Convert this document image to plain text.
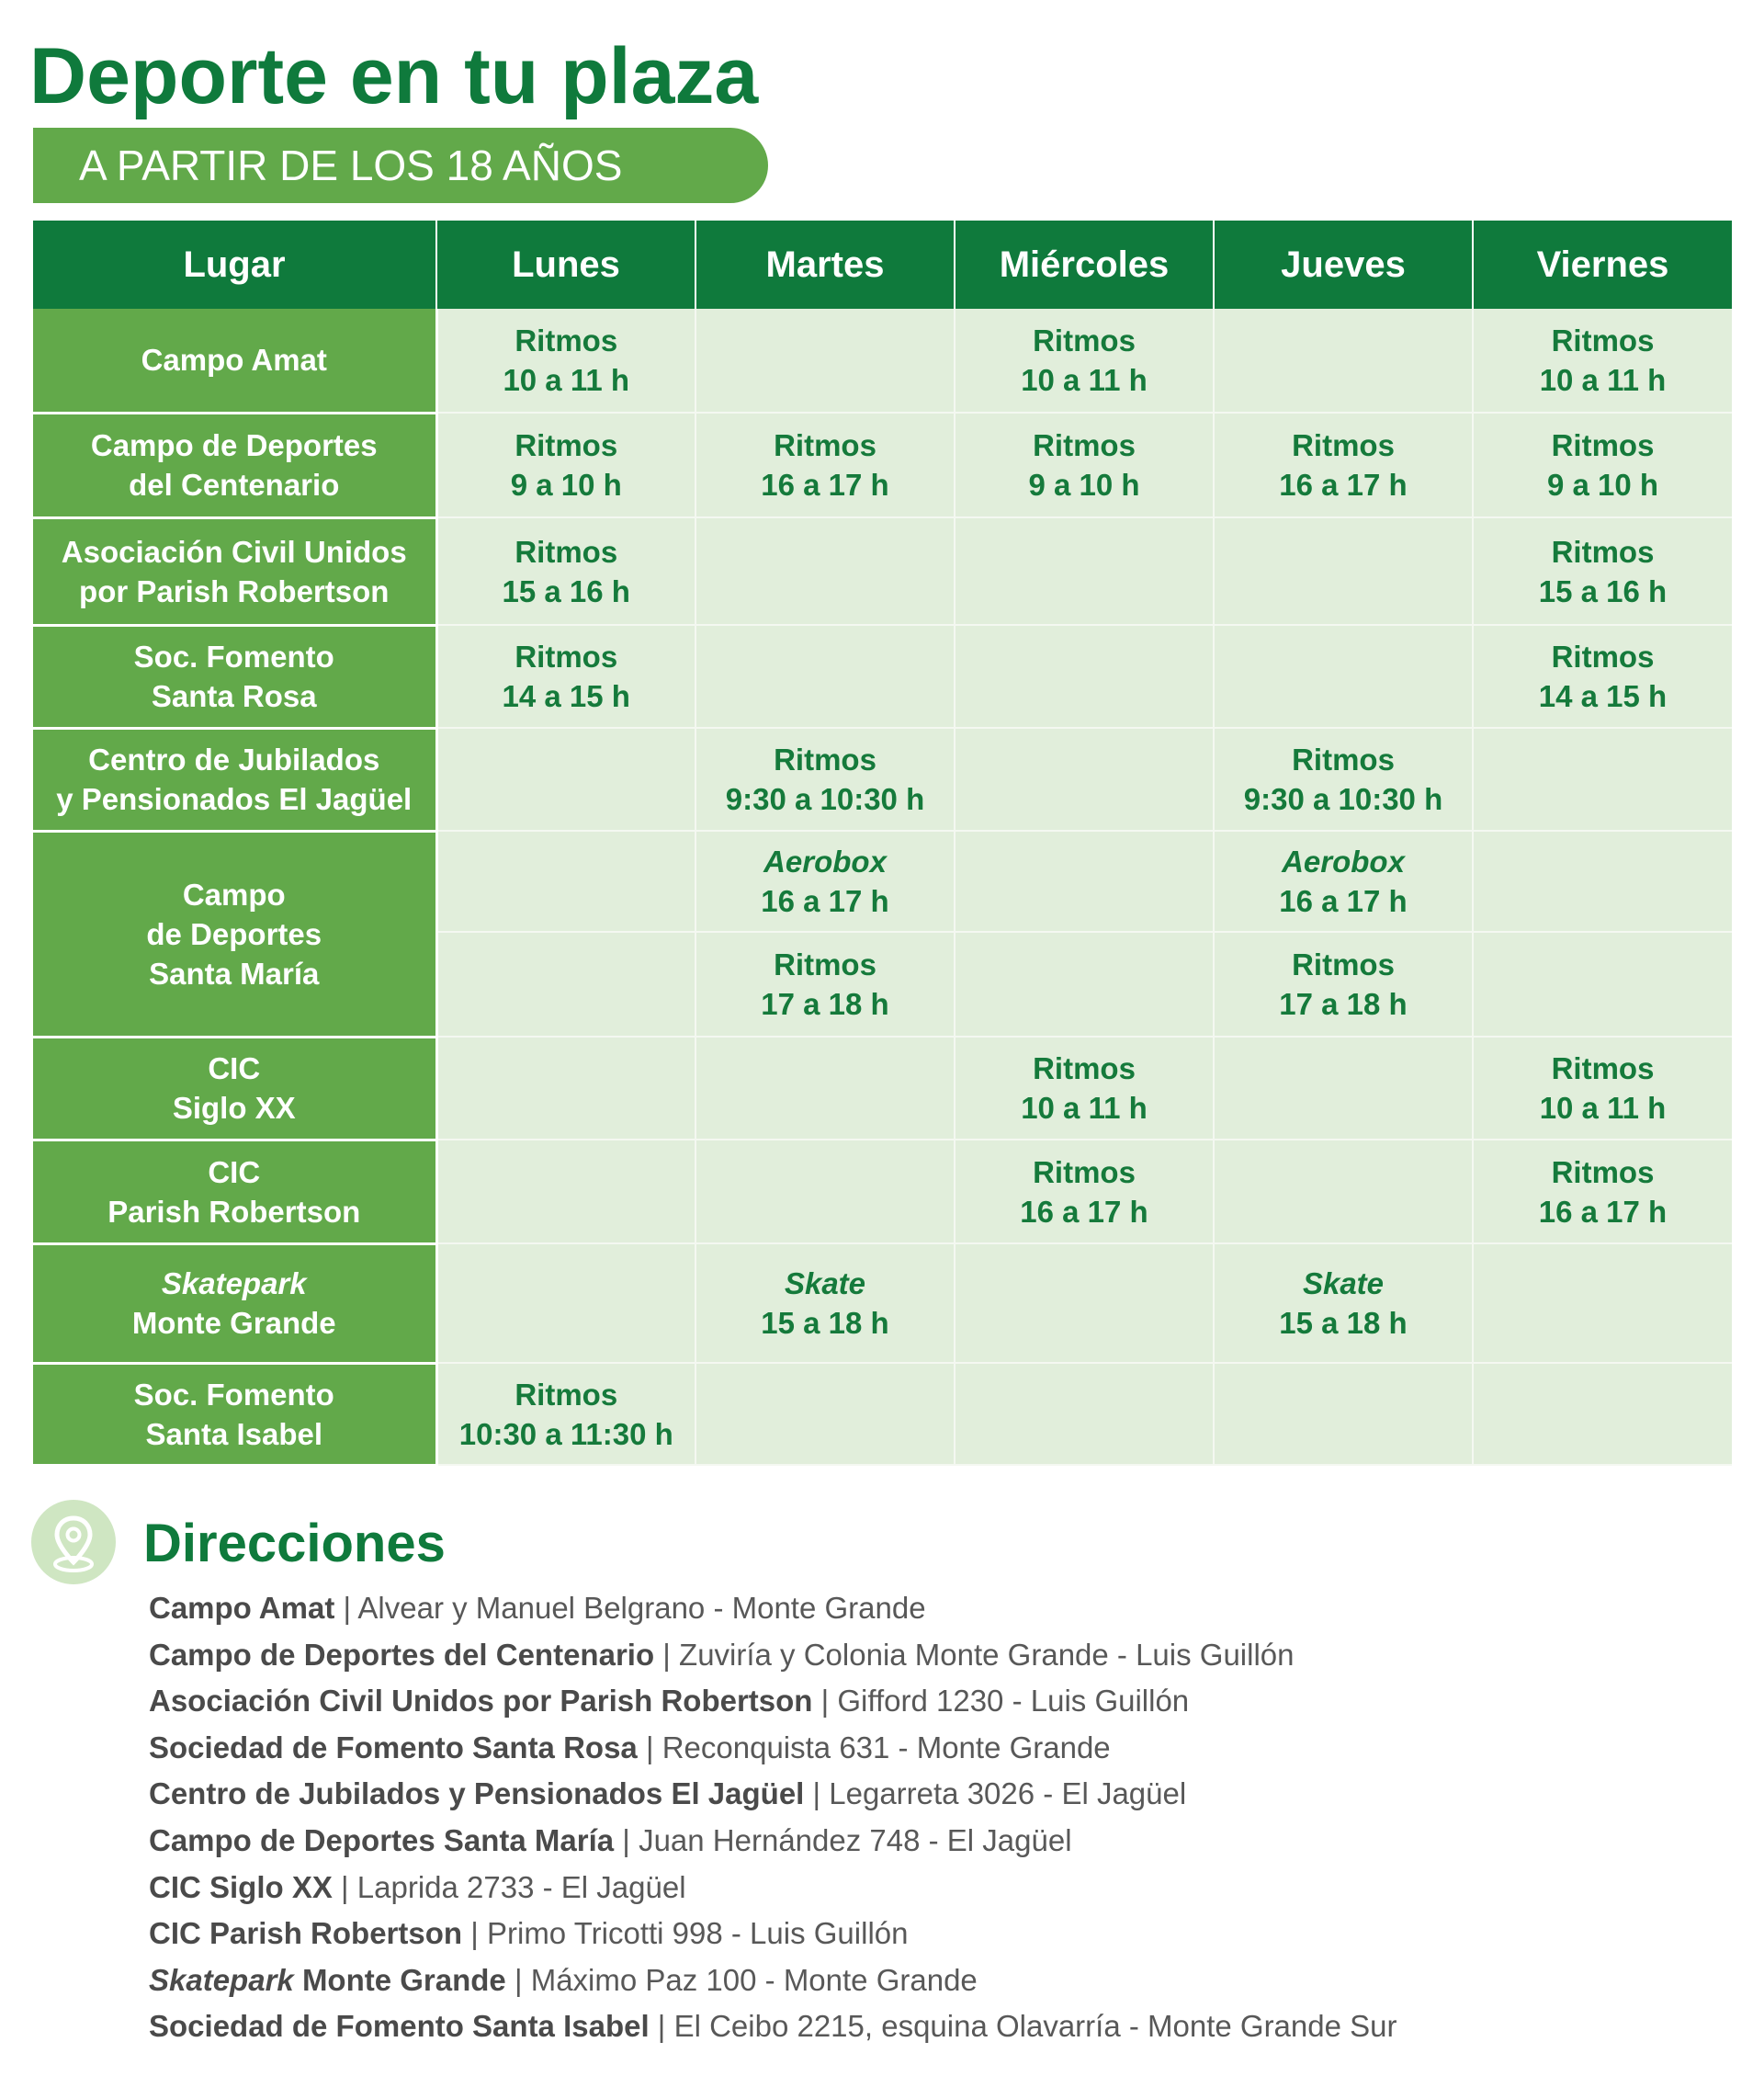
Deporte en tu plaza
A PARTIR DE LOS 18 AÑOS
Lugar	Lunes	Martes	Miércoles	Jueves	Viernes

Campo Amat	Ritmos
10 a 11 h		Ritmos
10 a 11 h		Ritmos
10 a 11 h

Campo de Deportes
del Centenario	Ritmos
9 a 10 h	Ritmos
16 a 17 h	Ritmos
9 a 10 h	Ritmos
16 a 17 h	Ritmos
9 a 10 h

Asociación Civil Unidos
por Parish Robertson	Ritmos
15 a 16 h				Ritmos
15 a 16 h

Soc. Fomento
Santa Rosa	Ritmos
14 a 15 h				Ritmos
14 a 15 h

Centro de Jubilados
y Pensionados El Jagüel		Ritmos
9:30 a 10:30 h		Ritmos
9:30 a 10:30 h	

Campo
de Deportes
Santa María		Aerobox
16 a 17 h		Aerobox
16 a 17 h	

		Ritmos
17 a 18 h		Ritmos
17 a 18 h	

CIC
Siglo XX			Ritmos
10 a 11 h		Ritmos
10 a 11 h

CIC
Parish Robertson			Ritmos
16 a 17 h		Ritmos
16 a 17 h

Skatepark
Monte Grande		Skate
15 a 18 h		Skate
15 a 18 h	

Soc. Fomento
Santa Isabel	Ritmos
10:30 a 11:30 h				

Direcciones
Campo Amat | Alvear y Manuel Belgrano - Monte Grande
Campo de Deportes del Centenario | Zuviría y Colonia Monte Grande - Luis Guillón
Asociación Civil Unidos por Parish Robertson | Gifford 1230 - Luis Guillón
Sociedad de Fomento Santa Rosa | Reconquista 631 - Monte Grande
Centro de Jubilados y Pensionados El Jagüel | Legarreta 3026 - El Jagüel
Campo de Deportes Santa María | Juan Hernández 748 - El Jagüel
CIC Siglo XX | Laprida 2733 - El Jagüel
CIC Parish Robertson | Primo Tricotti 998 - Luis Guillón
Skatepark Monte Grande | Máximo Paz 100 - Monte Grande
Sociedad de Fomento Santa Isabel | El Ceibo 2215, esquina Olavarría - Monte Grande Sur
